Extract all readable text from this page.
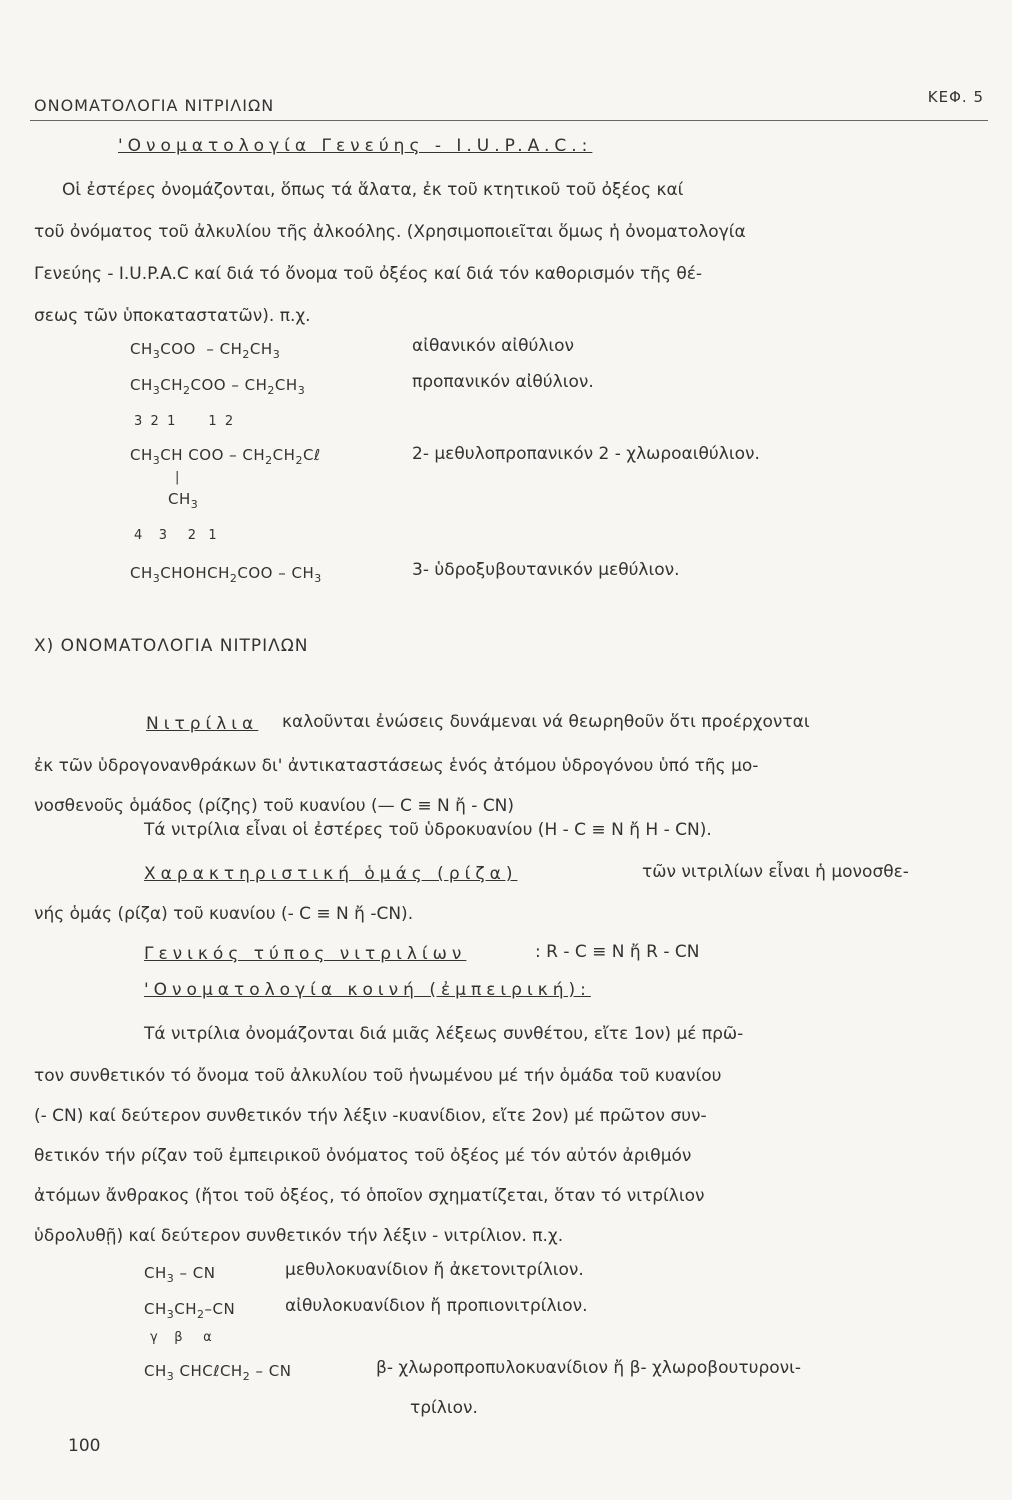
ΟΝΟΜΑΤΟΛΟΓΙΑ ΝΙΤΡΙΛΙΩΝ	ΚΕΦ. 5
'Ονοματολογία Γενεύης - I.U.P.A.C.:
Οἱ ἐστέρες ὀνομάζονται, ὅπως τά ἅλατα, ἐκ τοῦ κτητικοῦ τοῦ ὀξέος καί
τοῦ ὀνόματος τοῦ ἀλκυλίου τῆς ἀλκοόλης. (Χρησιμοποιεῖται ὅμως ἡ ὀνοματολογία
Γενεύης - I.U.P.A.C καί διά τό ὄνομα τοῦ ὀξέος καί διά τόν καθορισμόν τῆς θέ-
σεως τῶν ὑποκαταστατῶν). π.χ.
$CH_3COO - CH_2CH_3$	αἰθανικόν αἰθύλιον
$CH_3CH_2COO - CH_2CH_3$	προπανικόν αἰθύλιον.
3  2  1        1  2
$CH_3CH$ COO – $CH_2CH_2C\ell$	2- μεθυλοπροπανικόν 2 - χλωροαιθύλιον.
|
$CH_3$
4    3     2   1
$CH_3CHOHCH_2COO - CH_3$	3- ὑδροξυβουτανικόν μεθύλιον.
Χ) ΟΝΟΜΑΤΟΛΟΓΙΑ ΝΙΤΡΙΛΩΝ
Νιτρίλια καλοῦνται ἐνώσεις δυνάμεναι νά θεωρηθοῦν ὅτι προέρχονται
ἐκ τῶν ὑδρογονανθράκων δι' ἀντικαταστάσεως ἑνός ἀτόμου ὑδρογόνου ὑπό τῆς μο-
νοσθενοῦς ὁμάδος (ρίζης) τοῦ κυανίου (— C ≡ N ἤ - CN)
Τά νιτρίλια εἶναι οἱ ἐστέρες τοῦ ὑδροκυανίου (H - C ≡ N ἤ H - CN).
Χαρακτηριστική ὁμάς (ρίζα)	τῶν νιτριλίων εἶναι ἡ μονοσθε-
νής ὁμάς (ρίζα) τοῦ κυανίου (- C ≡ N ἤ -CN).
Γενικός τύπος νιτριλίων	: R - C ≡ N ἤ R - CN
'Ονοματολογία κοινή (ἐμπειρική):
Τά νιτρίλια ὀνομάζονται διά μιᾶς λέξεως συνθέτου, εἴτε 1ον) μέ πρῶ-
τον συνθετικόν τό ὄνομα τοῦ ἀλκυλίου τοῦ ἡνωμένου μέ τήν ὁμάδα τοῦ κυανίου
(- CN) καί δεύτερον συνθετικόν τήν λέξιν -κυανίδιον, εἴτε 2ον) μέ πρῶτον συν-
θετικόν τήν ρίζαν τοῦ ἐμπειρικοῦ ὀνόματος τοῦ ὀξέος μέ τόν αὐτόν ἀριθμόν
ἀτόμων ἄνθρακος (ἤτοι τοῦ ὀξέος, τό ὁποῖον σχηματίζεται, ὅταν τό νιτρίλιον
ὑδρολυθῇ) καί δεύτερον συνθετικόν τήν λέξιν - νιτρίλιον. π.χ.
$CH_3$ – CN	μεθυλοκυανίδιον ἤ ἀκετονιτρίλιον.
$CH_3CH_2-CN$	αἰθυλοκυανίδιον ἤ προπιονιτρίλιον.
γ    β     α
$CH_3$ CHCℓCH$_2$ – CN	β- χλωροπροπυλοκυανίδιον ἤ β- χλωροβουτυρονι-
τρίλιον.
100
